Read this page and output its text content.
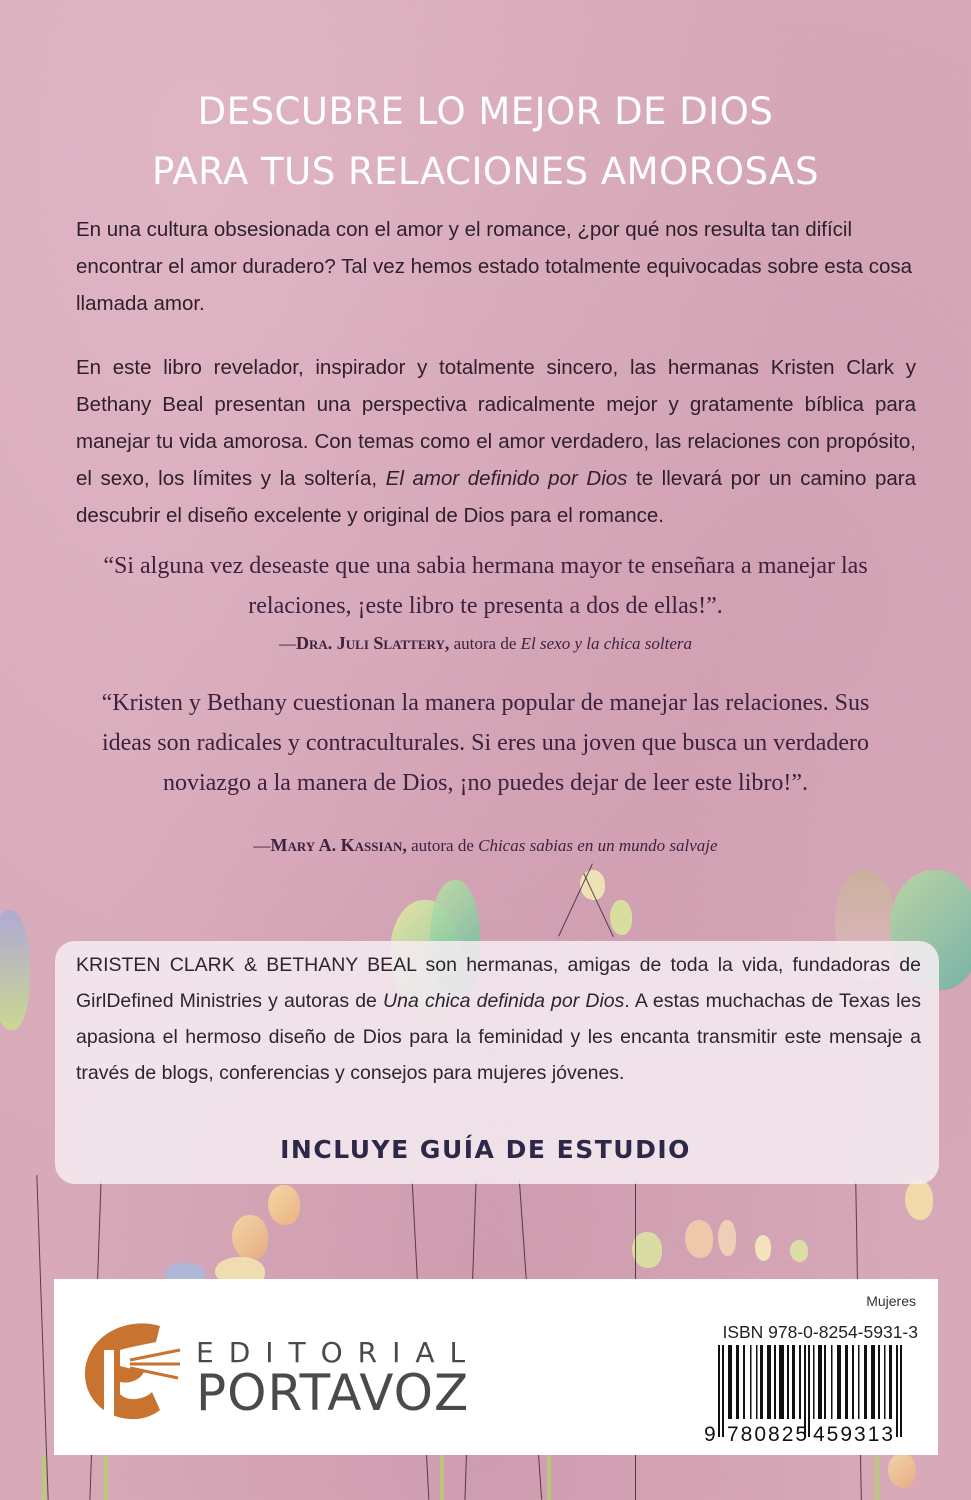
DESCUBRE LO MEJOR DE DIOS
PARA TUS RELACIONES AMOROSAS
En una cultura obsesionada con el amor y el romance, ¿por qué nos resulta tan difícil encontrar el amor duradero? Tal vez hemos estado totalmente equivocadas sobre esta cosa llamada amor.
En este libro revelador, inspirador y totalmente sincero, las hermanas Kristen Clark y Bethany Beal presentan una perspectiva radicalmente mejor y gratamente bíblica para manejar tu vida amorosa. Con temas como el amor verdadero, las relaciones con propósito, el sexo, los límites y la soltería, El amor definido por Dios te llevará por un camino para descubrir el diseño excelente y original de Dios para el romance.
“Si alguna vez deseaste que una sabia hermana mayor te enseñara a manejar las relaciones, ¡este libro te presenta a dos de ellas!”.
—Dra. Juli Slattery, autora de El sexo y la chica soltera
“Kristen y Bethany cuestionan la manera popular de manejar las relaciones. Sus ideas son radicales y contraculturales. Si eres una joven que busca un verdadero noviazgo a la manera de Dios, ¡no puedes dejar de leer este libro!”.
—Mary A. Kassian, autora de Chicas sabias en un mundo salvaje
KRISTEN CLARK & BETHANY BEAL son hermanas, amigas de toda la vida, fundadoras de GirlDefined Ministries y autoras de Una chica definida por Dios. A estas muchachas de Texas les apasiona el hermoso diseño de Dios para la feminidad y les encanta transmitir este mensaje a través de blogs, conferencias y consejos para mujeres jóvenes.
INCLUYE GUÍA DE ESTUDIO
EDITORIAL
PORTAVOZ
Mujeres
ISBN 978-0-8254-5931-3
9 780825 459313
